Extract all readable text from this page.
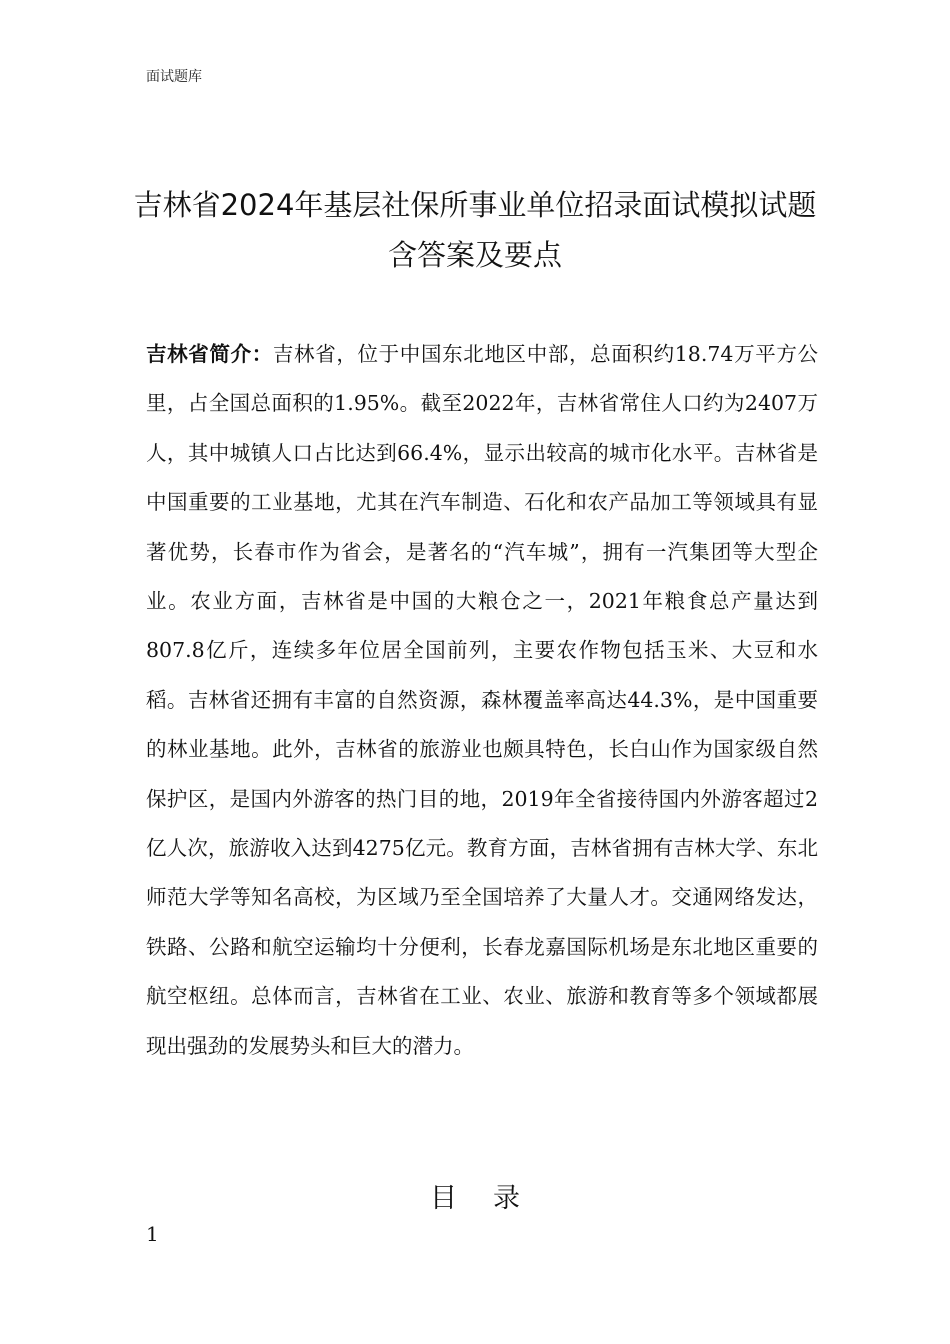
面试题库
吉林省2024年基层社保所事业单位招录面试模拟试题含答案及要点
吉林省简介：吉林省，位于中国东北地区中部，总面积约18.74万平方公里，占全国总面积的1.95%。截至2022年，吉林省常住人口约为2407万人，其中城镇人口占比达到66.4%，显示出较高的城市化水平。吉林省是中国重要的工业基地，尤其在汽车制造、石化和农产品加工等领域具有显著优势，长春市作为省会，是著名的“汽车城”，拥有一汽集团等大型企业。农业方面，吉林省是中国的大粮仓之一，2021年粮食总产量达到807.8亿斤，连续多年位居全国前列，主要农作物包括玉米、大豆和水稻。吉林省还拥有丰富的自然资源，森林覆盖率高达44.3%，是中国重要的林业基地。此外，吉林省的旅游业也颇具特色，长白山作为国家级自然保护区，是国内外游客的热门目的地，2019年全省接待国内外游客超过2亿人次，旅游收入达到4275亿元。教育方面，吉林省拥有吉林大学、东北师范大学等知名高校，为区域乃至全国培养了大量人才。交通网络发达，铁路、公路和航空运输均十分便利，长春龙嘉国际机场是东北地区重要的航空枢纽。总体而言，吉林省在工业、农业、旅游和教育等多个领域都展现出强劲的发展势头和巨大的潜力。
目录
1
